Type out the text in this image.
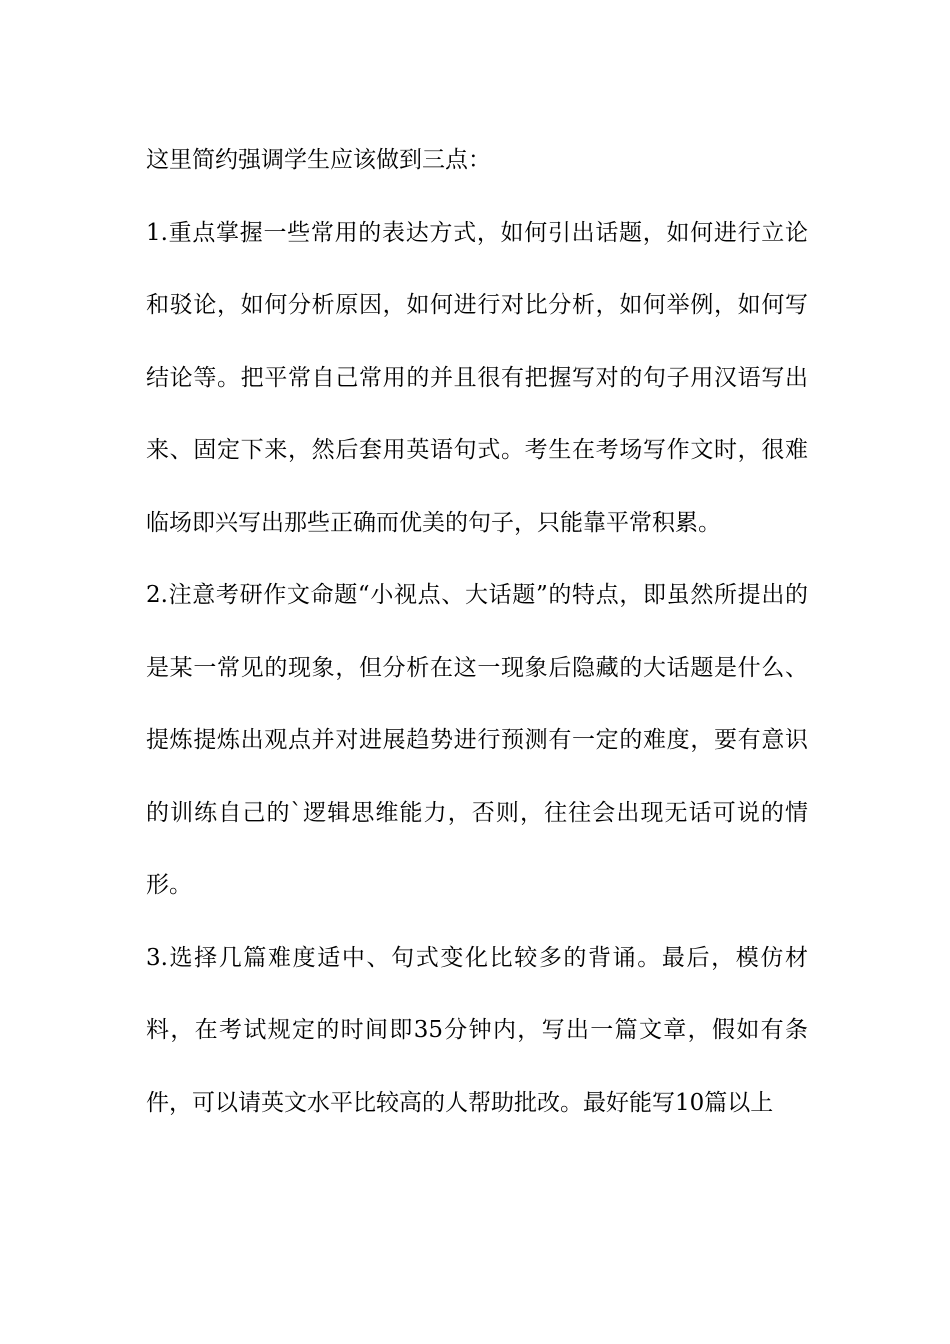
这里简约强调学生应该做到三点：

1.重点掌握一些常用的表达方式，如何引出话题，如何进行立论和驳论，如何分析原因，如何进行对比分析，如何举例，如何写结论等。把平常自己常用的并且很有把握写对的句子用汉语写出来、固定下来，然后套用英语句式。考生在考场写作文时，很难临场即兴写出那些正确而优美的句子，只能靠平常积累。

2.注意考研作文命题“小视点、大话题”的特点，即虽然所提出的是某一常见的现象，但分析在这一现象后隐藏的大话题是什么、提炼提炼出观点并对进展趋势进行预测有一定的难度，要有意识的训练自己的`逻辑思维能力，否则，往往会出现无话可说的情形。

3.选择几篇难度适中、句式变化比较多的背诵。最后，模仿材料，在考试规定的时间即35分钟内，写出一篇文章，假如有条件，可以请英文水平比较高的人帮助批改。最好能写10篇以上
